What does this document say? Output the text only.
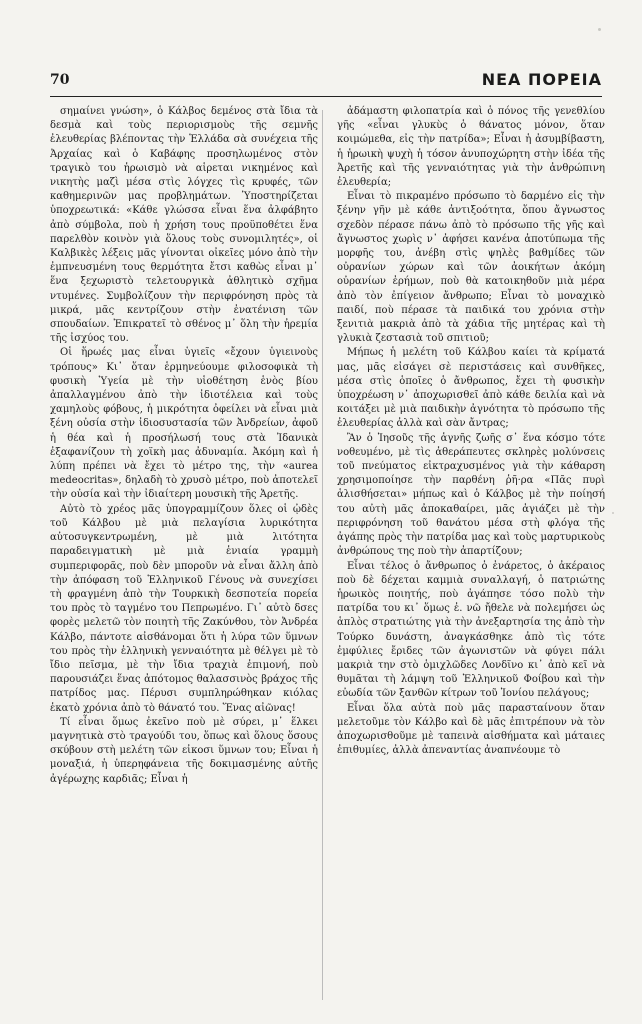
70	ΝΕΑ ΠΟΡΕΙΑ

σημαίνει γνώση», ὁ Κάλβος δεμένος στὰ ἴδια τὰ δεσμὰ καὶ τοὺς περιορισμοὺς τῆς σεμνῆς ἐλευθερίας βλέποντας τὴν Ἑλλάδα σὰ συνέχεια τῆς Ἀρχαίας καὶ ὁ Καβάφης προσηλωμένος στὸν τραγικὸ του ἡρωισμὸ νὰ αἱρεται νικημένος καὶ νικητὴς μαζὶ μέσα στὶς λόγχες τὶς κρυφές, τῶν καθημερινῶν μας προβλημάτων. Ὑποστηρίζεται ὑποχρεωτικά: «Κάθε γλώσσα εἶναι ἕνα ἀλφάβητο ἀπὸ σύμβολα, ποὺ ἡ χρήση τους προϋποθέτει ἕνα παρελθὸν κοινὸν γιὰ ὅλους τοὺς συνομιλητές», οἱ Καλβικὲς λέξεις μᾶς γίνονται οἰκεῖες μόνο ἀπὸ τὴν ἐμπνευσμένη τους θερμότητα ἔτσι καθὼς εἶναι μ᾽ ἕνα ξεχωριστὸ τελετουργικὰ ἀθλητικὸ σχῆμα ντυμένες. Συμβολίζουν τὴν περιφρόνηση πρὸς τὰ μικρά, μᾶς κεντρίζουν στὴν ἐνατένιση τῶν σπουδαίων. Ἐπικρατεῖ τὸ σθένος μ᾽ ὅλη τὴν ἠρεμία τῆς ἰσχύος του.

Οἱ ἥρωές μας εἶναι ὑγιεῖς «ἔχουν ὑγιεινοὺς τρόπους» Κι᾽ ὅταν ἑρμηνεύουμε φιλοσοφικὰ τὴ φυσικὴ Ὑγεία μὲ τὴν υἱοθέτηση ἑνὸς βίου ἀπαλλαγμένου ἀπὸ τὴν ἰδιοτέλεια καὶ τοὺς χαμηλοὺς φόβους, ἡ μικρότητα ὀφείλει νὰ εἶναι μιὰ ξένη οὐσία στὴν ἰδιοσυστασία τῶν Ἀνδρείων, ἀφοῦ ἡ θέα καὶ ἡ προσήλωσή τους στὰ Ἰδανικὰ ἐξαφανίζουν τὴ χοϊκὴ μας ἀδυναμία. Ἀκόμη καὶ ἡ λύπη πρέπει νὰ ἔχει τὸ μέτρο της, τὴν «aurea medeocritas», δηλαδὴ τὸ χρυσὸ μέτρο, ποὺ ἀποτελεῖ τὴν οὐσία καὶ τὴν ἰδιαίτερη μουσικὴ τῆς Ἀρετῆς.

Αὐτὸ τὸ χρέος μᾶς ὑπογραμμίζουν ὅλες οἱ ᾠδὲς τοῦ Κάλβου μὲ μιὰ πελαγίσια λυρικότητα αὐτοσυγκεντρωμένη, μὲ μιὰ λιτότητα παραδειγματικὴ μὲ μιὰ ἑνιαία γραμμὴ συμπεριφορᾶς, ποὺ δὲν μποροῦν νὰ εἶναι ἄλλη ἀπὸ τὴν ἀπόφαση τοῦ Ἑλληνικοῦ Γένους νὰ συνεχίσει τὴ φραγμένη ἀπὸ τὴν Τουρκικὴ δεσποτεία πορεία του πρὸς τὸ ταγμένο του Πεπρωμένο. Γι᾽ αὐτὸ δσες φορὲς μελετῶ τὸν ποιητὴ τῆς Ζακύνθου, τὸν Ἀνδρέα Κάλβο, πάντοτε αἰσθάνομαι ὅτι ἡ λύρα τῶν ὕμνων του πρὸς τὴν ἑλληνικὴ γενναιότητα μὲ θέλγει μὲ τὸ ἴδιο πεῖσμα, μὲ τὴν ἴδια τραχιὰ ἐπιμονή, ποὺ παρουσιάζει ἕνας ἀπότομος θαλασσινὸς βράχος τῆς πατρίδος μας. Πέρυσι συμπληρώθηκαν κιόλας ἑκατὸ χρόνια ἀπὸ τὸ θάνατό του. Ἕνας αἰῶνας!

Τί εἶναι ὅμως ἐκεῖνο ποὺ μὲ σύρει, μ᾽ ἕλκει μαγνητικὰ στὸ τραγούδι του, ὅπως καὶ ὅλους ὅσους σκύβουν στὴ μελέτη τῶν εἰκοσι ὕμνων του; Εἶναι ἡ μοναξιά, ἡ ὑπερηφάνεια τῆς δοκιμασμένης αὐτῆς ἀγέρωχης καρδιᾶς; Εἶναι ἡ

ἀδάμαστη φιλοπατρία καὶ ὁ πόνος τῆς γενεθλίου γῆς «εἶναι γλυκὺς ὁ θάνατος μόνον, ὅταν κοιμώμεθα, εἰς τὴν πατρίδα»; Εἶναι ἡ ἀσυμβίβαστη, ἡ ἡρωικὴ ψυχὴ ἡ τόσον ἀνυποχώρητη στὴν ἰδέα τῆς Ἀρετῆς καὶ τῆς γενναιότητας γιὰ τὴν ἀνθρώπινη ἐλευθερία;

Εἶναι τὸ πικραμένο πρόσωπο τὸ δαρμένο εἰς τὴν ξένην γῆν μὲ κάθε ἀντιξοότητα, ὅπου ἄγνωστος σχεδὸν πέρασε πάνω ἀπὸ τὸ πρόσωπο τῆς γῆς καὶ ἄγνωστος χωρὶς ν᾽ ἀφήσει κανένα ἀποτύπωμα τῆς μορφῆς του, ἀνέβη στὶς ψηλὲς βαθμίδες τῶν οὐρανίων χώρων καὶ τῶν ἀοικήτων ἀκόμη οὐρανίων ἐρήμων, ποὺ θὰ κατοικηθοῦν μιὰ μέρα ἀπὸ τὸν ἐπίγειον ἄνθρωπο; Εἶναι τὸ μοναχικὸ παιδί, ποὺ πέρασε τὰ παιδικά του χρόνια στὴν ξενιτιὰ μακριὰ ἀπὸ τὰ χάδια τῆς μητέρας καὶ τὴ γλυκιὰ ζεστασιὰ τοῦ σπιτιοῦ;

Μήπως ἡ μελέτη τοῦ Κάλβου καίει τὰ κρίματά μας, μᾶς εἰσάγει σὲ περιστάσεις καὶ συνθῆκες, μέσα στὶς ὁποῖες ὁ ἄνθρωπος, ἔχει τὴ φυσικὴν ὑποχρέωση ν᾽ ἀποχωρισθεῖ ἀπὸ κάθε δειλία καὶ νὰ κοιτάξει μὲ μιὰ παιδικὴν ἀγνότητα τὸ πρόσωπο τῆς ἐλευθερίας ἀλλὰ καὶ σὰν ἄντρας;

Ἂν ὁ Ἰησοῦς τῆς ἁγνῆς ζωῆς σ᾽ ἕνα κόσμο τότε νοθευμένο, μὲ τὶς ἀθεράπευτες σκληρὲς μολύνσεις τοῦ πνεύματος εἰκτραχυσμένος γιὰ τὴν κάθαρση χρησιμοποίησε τὴν παρθένη ῥῆ·ρα «Πᾶς πυρὶ ἁλισθήσεται» μήπως καὶ ὁ Κάλβος μὲ τὴν ποίησή του αὐτὴ μᾶς ἀποκαθαίρει, μᾶς ἁγιάζει μὲ τὴν περιφρόνηση τοῦ θανάτου μέσα στὴ φλόγα τῆς ἀγάπης πρὸς τὴν πατρίδα μας καὶ τοὺς μαρτυρικοὺς ἀνθρώπους της ποὺ τὴν ἀπαρτίζουν;

Εἶναι τέλος ὁ ἄνθρωπος ὁ ἐνάρετος, ὁ ἀκέραιος ποὺ δὲ δέχεται καμμιὰ συναλλαγή, ὁ πατριώτης ἡρωικὸς ποιητής, ποὺ ἀγάπησε τόσο πολὺ τὴν πατρίδα του κι᾽ ὅμως ἐ. νῶ ἤθελε νὰ πολεμήσει ὡς ἁπλὸς στρατιώτης γιὰ τὴν ἀνεξαρτησία της ἀπὸ τὴν Τούρκο δυνάστη, ἀναγκάσθηκε ἀπὸ τὶς τότε ἐμφύλιες ἔριδες τῶν ἀγωνιστῶν νὰ φύγει πάλι μακριὰ την στὸ ὁμιχλῶδες Λονδῖνο κι᾽ ἀπὸ κεῖ νὰ θυμᾶται τὴ λάμψη τοῦ Ἑλληνικοῦ Φοίβου καὶ τὴν εὐωδία τῶν ξανθῶν κίτρων τοῦ Ἰονίου πελάγους;

Εἶναι ὅλα αὐτὰ ποὺ μᾶς παρασταίνουν ὅταν μελετοῦμε τὸν Κάλβο καὶ δὲ μᾶς ἐπιτρέπουν νὰ τὸν ἀποχωρισθοῦμε μὲ ταπεινὰ αἰσθήματα καὶ μάταιες ἐπιθυμίες, ἀλλὰ ἀπεναντίας ἀναπνέουμε τὸ
